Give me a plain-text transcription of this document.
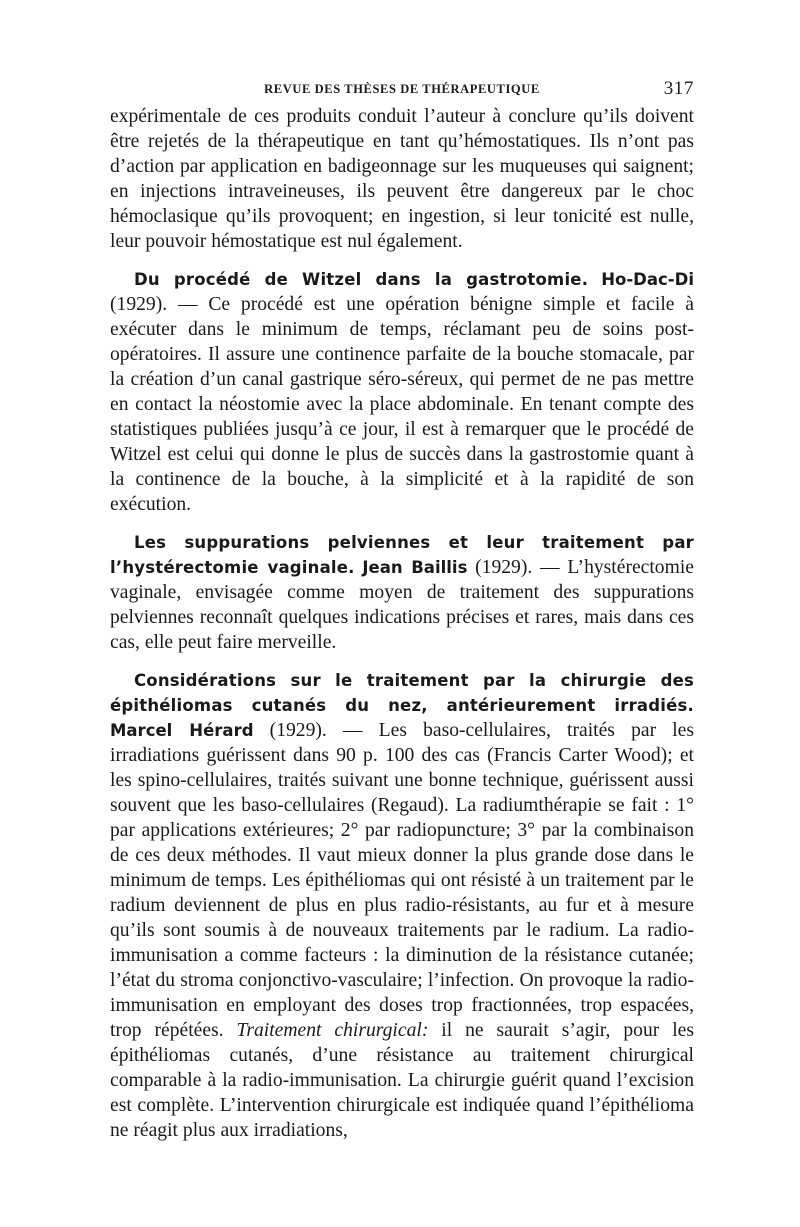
REVUE DES THÈSES DE THÉRAPEUTIQUE	317

expérimentale de ces produits conduit l’auteur à conclure qu’ils doivent être rejetés de la thérapeutique en tant qu’hémostatiques. Ils n’ont pas d’action par application en badigeonnage sur les muqueuses qui saignent; en injections intraveineuses, ils peuvent être dangereux par le choc hémoclasique qu’ils provoquent; en ingestion, si leur tonicité est nulle, leur pouvoir hémostatique est nul également.

Du procédé de Witzel dans la gastrotomie. Ho-Dac-Di (1929). — Ce procédé est une opération bénigne simple et facile à exécuter dans le minimum de temps, réclamant peu de soins post-opératoires. Il assure une continence parfaite de la bouche stomacale, par la création d’un canal gastrique séro-séreux, qui permet de ne pas mettre en contact la néostomie avec la place abdominale. En tenant compte des statistiques publiées jusqu’à ce jour, il est à remarquer que le procédé de Witzel est celui qui donne le plus de succès dans la gastrostomie quant à la continence de la bouche, à la simplicité et à la rapidité de son exécution.

Les suppurations pelviennes et leur traitement par l’hystérectomie vaginale. Jean Baillis (1929). — L’hystérectomie vaginale, envisagée comme moyen de traitement des suppurations pelviennes reconnaît quelques indications précises et rares, mais dans ces cas, elle peut faire merveille.

Considérations sur le traitement par la chirurgie des épithéliomas cutanés du nez, antérieurement irradiés. Marcel Hérard (1929). — Les baso-cellulaires, traités par les irradiations guérissent dans 90 p. 100 des cas (Francis Carter Wood); et les spino-cellulaires, traités suivant une bonne technique, guérissent aussi souvent que les baso-cellulaires (Regaud). La radiumthérapie se fait : 1° par applications extérieures; 2° par radiopuncture; 3° par la combinaison de ces deux méthodes. Il vaut mieux donner la plus grande dose dans le minimum de temps. Les épithéliomas qui ont résisté à un traitement par le radium deviennent de plus en plus radio-résistants, au fur et à mesure qu’ils sont soumis à de nouveaux traitements par le radium. La radio-immunisation a comme facteurs : la diminution de la résistance cutanée; l’état du stroma conjonctivo-vasculaire; l’infection. On provoque la radio-immunisation en employant des doses trop fractionnées, trop espacées, trop répétées. Traitement chirurgical: il ne saurait s’agir, pour les épithéliomas cutanés, d’une résistance au traitement chirurgical comparable à la radio-immunisation. La chirurgie guérit quand l’excision est complète. L’intervention chirurgicale est indiquée quand l’épithélioma ne réagit plus aux irradiations,
